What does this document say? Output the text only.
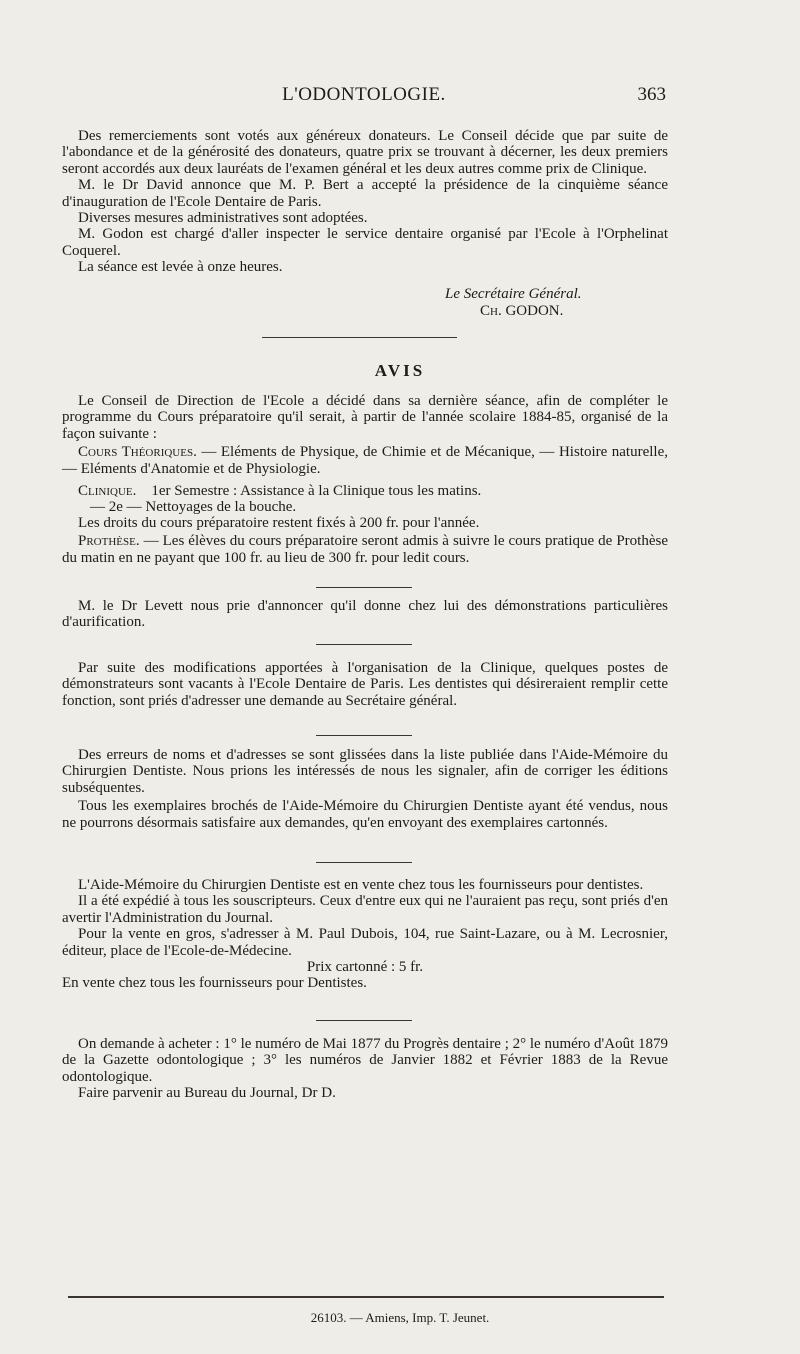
L'ODONTOLOGIE.	363

Des remerciements sont votés aux généreux donateurs. Le Conseil décide que par suite de l'abondance et de la générosité des donateurs, quatre prix se trouvant à décerner, les deux premiers seront accordés aux deux lauréats de l'examen général et les deux autres comme prix de Clinique.

M. le Dr David annonce que M. P. Bert a accepté la présidence de la cinquième séance d'inauguration de l'Ecole Dentaire de Paris.

Diverses mesures administratives sont adoptées.

M. Godon est chargé d'aller inspecter le service dentaire organisé par l'Ecole à l'Orphelinat Coquerel.

La séance est levée à onze heures.

Le Secrétaire Général.
Ch. GODON.
AVIS

Le Conseil de Direction de l'Ecole a décidé dans sa dernière séance, afin de compléter le programme du Cours préparatoire qu'il serait, à partir de l'année scolaire 1884-85, organisé de la façon suivante :

Cours Théoriques. — Eléments de Physique, de Chimie et de Mécanique, — Histoire naturelle, — Eléments d'Anatomie et de Physiologie.

Clinique. 1er Semestre : Assistance à la Clinique tous les matins.
— 2e — Nettoyages de la bouche.

Les droits du cours préparatoire restent fixés à 200 fr. pour l'année.

Prothèse. — Les élèves du cours préparatoire seront admis à suivre le cours pratique de Prothèse du matin en ne payant que 100 fr. au lieu de 300 fr. pour ledit cours.

M. le Dr Levett nous prie d'annoncer qu'il donne chez lui des démonstrations particulières d'aurification.

Par suite des modifications apportées à l'organisation de la Clinique, quelques postes de démonstrateurs sont vacants à l'Ecole Dentaire de Paris. Les dentistes qui désireraient remplir cette fonction, sont priés d'adresser une demande au Secrétaire général.

Des erreurs de noms et d'adresses se sont glissées dans la liste publiée dans l'Aide-Mémoire du Chirurgien Dentiste. Nous prions les intéressés de nous les signaler, afin de corriger les éditions subséquentes.

Tous les exemplaires brochés de l'Aide-Mémoire du Chirurgien Dentiste ayant été vendus, nous ne pourrons désormais satisfaire aux demandes, qu'en envoyant des exemplaires cartonnés.

L'Aide-Mémoire du Chirurgien Dentiste est en vente chez tous les fournisseurs pour dentistes.

Il a été expédié à tous les souscripteurs. Ceux d'entre eux qui ne l'auraient pas reçu, sont priés d'en avertir l'Administration du Journal.

Pour la vente en gros, s'adresser à M. Paul Dubois, 104, rue Saint-Lazare, ou à M. Lecrosnier, éditeur, place de l'Ecole-de-Médecine.

Prix cartonné : 5 fr.

En vente chez tous les fournisseurs pour Dentistes.

On demande à acheter : 1° le numéro de Mai 1877 du Progrès dentaire ; 2° le numéro d'Août 1879 de la Gazette odontologique ; 3° les numéros de Janvier 1882 et Février 1883 de la Revue odontologique.

Faire parvenir au Bureau du Journal, Dr D.

26103. — Amiens, Imp. T. Jeunet.
